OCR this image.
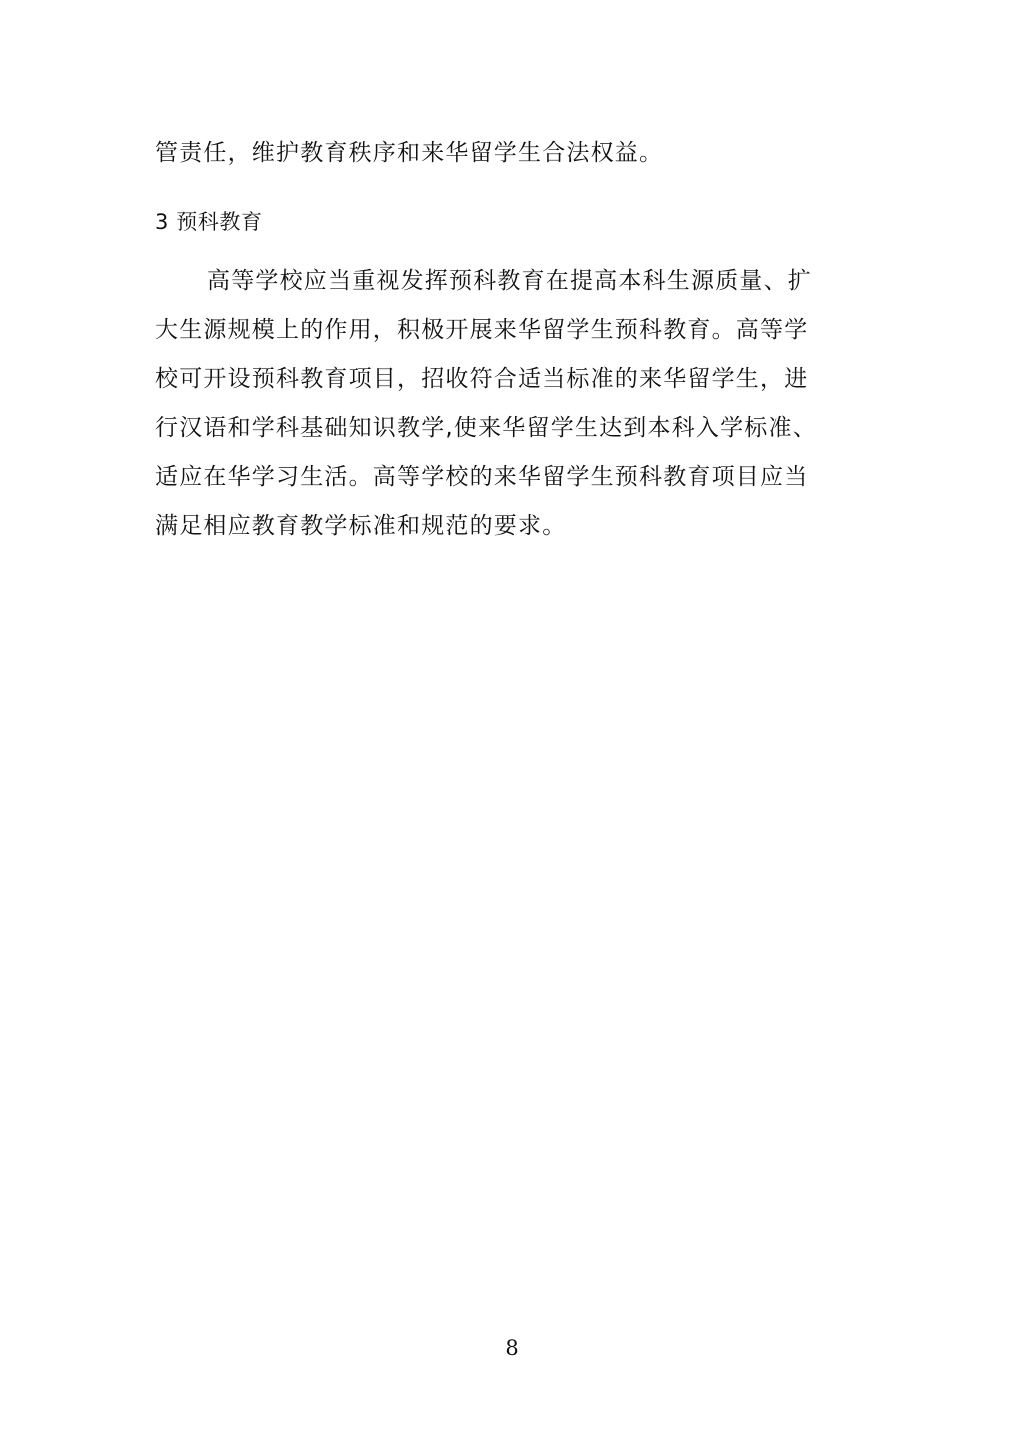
管责任，维护教育秩序和来华留学生合法权益。
3 预科教育
高等学校应当重视发挥预科教育在提高本科生源质量、扩
大生源规模上的作用，积极开展来华留学生预科教育。高等学
校可开设预科教育项目，招收符合适当标准的来华留学生，进
行汉语和学科基础知识教学,使来华留学生达到本科入学标准、
适应在华学习生活。高等学校的来华留学生预科教育项目应当
满足相应教育教学标准和规范的要求。
8
